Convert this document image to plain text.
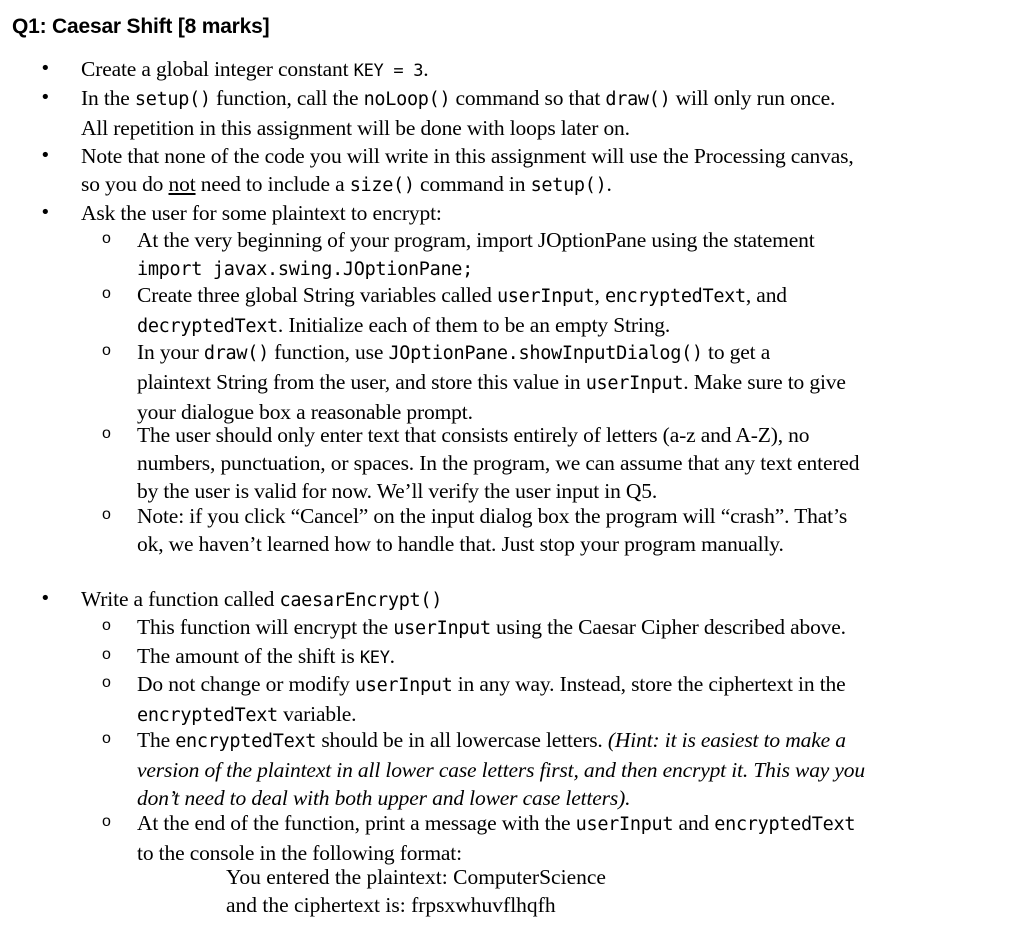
Q1: Caesar Shift [8 marks]
• Create a global integer constant KEY = 3.
• In the setup() function, call the noLoop() command so that draw() will only run once.
All repetition in this assignment will be done with loops later on.
• Note that none of the code you will write in this assignment will use the Processing canvas,
so you do not need to include a size() command in setup().
• Ask the user for some plaintext to encrypt:
o At the very beginning of your program, import JOptionPane using the statement
import javax.swing.JOptionPane;
o Create three global String variables called userInput, encryptedText, and
decryptedText. Initialize each of them to be an empty String.
o In your draw() function, use JOptionPane.showInputDialog() to get a
plaintext String from the user, and store this value in userInput. Make sure to give
your dialogue box a reasonable prompt.
o The user should only enter text that consists entirely of letters (a-z and A-Z), no
numbers, punctuation, or spaces. In the program, we can assume that any text entered
by the user is valid for now. We’ll verify the user input in Q5.
o Note: if you click “Cancel” on the input dialog box the program will “crash”. That’s
ok, we haven’t learned how to handle that. Just stop your program manually.
• Write a function called caesarEncrypt()
o This function will encrypt the userInput using the Caesar Cipher described above.
o The amount of the shift is KEY.
o Do not change or modify userInput in any way. Instead, store the ciphertext in the
encryptedText variable.
o The encryptedText should be in all lowercase letters. (Hint: it is easiest to make a
version of the plaintext in all lower case letters first, and then encrypt it. This way you
don’t need to deal with both upper and lower case letters).
o At the end of the function, print a message with the userInput and encryptedText
to the console in the following format:
You entered the plaintext: ComputerScience
and the ciphertext is: frpsxwhuvflhqfh
